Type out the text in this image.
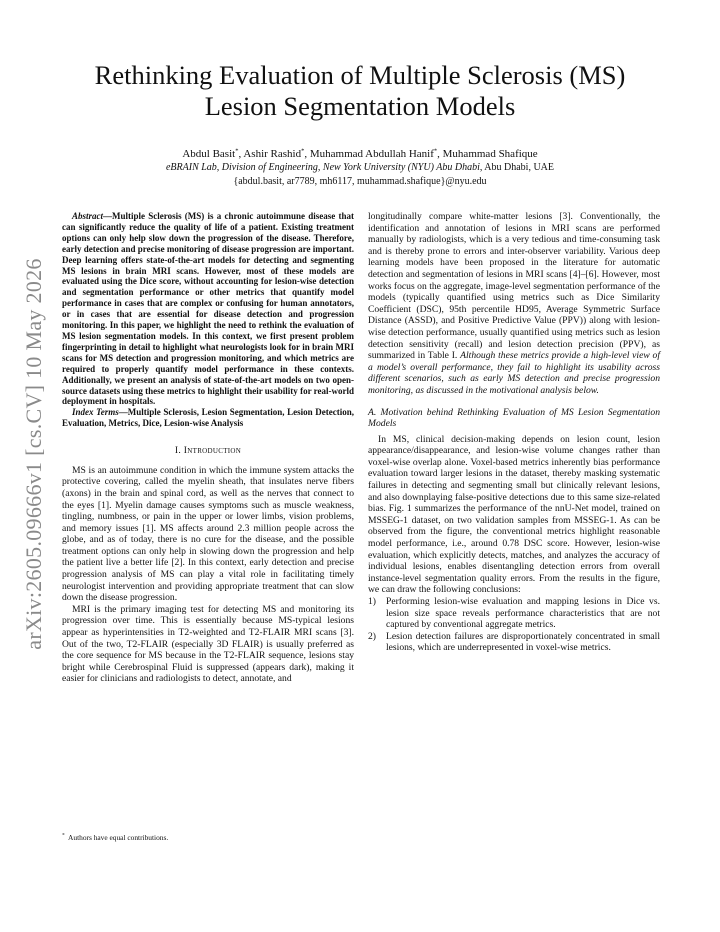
arXiv:2605.09666v1 [cs.CV] 10 May 2026
Rethinking Evaluation of Multiple Sclerosis (MS)
Lesion Segmentation Models
Abdul Basit*, Ashir Rashid*, Muhammad Abdullah Hanif*, Muhammad Shafique
eBRAIN Lab, Division of Engineering, New York University (NYU) Abu Dhabi, Abu Dhabi, UAE
{abdul.basit, ar7789, mh6117, muhammad.shafique}@nyu.edu

Abstract—Multiple Sclerosis (MS) is a chronic autoimmune disease that can significantly reduce the quality of life of a patient. Existing treatment options can only help slow down the progression of the disease. Therefore, early detection and precise monitoring of disease progression are important. Deep learning offers state-of-the-art models for detecting and segmenting MS lesions in brain MRI scans. However, most of these models are evaluated using the Dice score, without accounting for lesion-wise detection and segmentation performance or other metrics that quantify model performance in cases that are complex or confusing for human annotators, or in cases that are essential for disease detection and progression monitoring. In this paper, we highlight the need to rethink the evaluation of MS lesion segmentation models. In this context, we first present problem fingerprinting in detail to highlight what neurologists look for in brain MRI scans for MS detection and progression monitoring, and which metrics are required to properly quantify model performance in these contexts. Additionally, we present an analysis of state-of-the-art models on two open-source datasets using these metrics to highlight their usability for real-world deployment in hospitals.

Index Terms—Multiple Sclerosis, Lesion Segmentation, Lesion Detection, Evaluation, Metrics, Dice, Lesion-wise Analysis

I. Introduction

MS is an autoimmune condition in which the immune system attacks the protective covering, called the myelin sheath, that insulates nerve fibers (axons) in the brain and spinal cord, as well as the nerves that connect to the eyes [1]. Myelin damage causes symptoms such as muscle weakness, tingling, numbness, or pain in the upper or lower limbs, vision problems, and memory issues [1]. MS affects around 2.3 million people across the globe, and as of today, there is no cure for the disease, and the possible treatment options can only help in slowing down the progression and help the patient live a better life [2]. In this context, early detection and precise progression analysis of MS can play a vital role in facilitating timely neurologist intervention and providing appropriate treatment that can slow down the disease progression.

MRI is the primary imaging test for detecting MS and monitoring its progression over time. This is essentially because MS-typical lesions appear as hyperintensities in T2-weighted and T2-FLAIR MRI scans [3]. Out of the two, T2-FLAIR (especially 3D FLAIR) is usually preferred as the core sequence for MS because in the T2-FLAIR sequence, lesions stay bright while Cerebrospinal Fluid is suppressed (appears dark), making it easier for clinicians and radiologists to detect, annotate, and

longitudinally compare white-matter lesions [3]. Conventionally, the identification and annotation of lesions in MRI scans are performed manually by radiologists, which is a very tedious and time-consuming task and is thereby prone to errors and inter-observer variability. Various deep learning models have been proposed in the literature for automatic detection and segmentation of lesions in MRI scans [4]–[6]. However, most works focus on the aggregate, image-level segmentation performance of the models (typically quantified using metrics such as Dice Similarity Coefficient (DSC), 95th percentile HD95, Average Symmetric Surface Distance (ASSD), and Positive Predictive Value (PPV)) along with lesion-wise detection performance, usually quantified using metrics such as lesion detection sensitivity (recall) and lesion detection precision (PPV), as summarized in Table I. Although these metrics provide a high-level view of a model’s overall performance, they fail to highlight its usability across different scenarios, such as early MS detection and precise progression monitoring, as discussed in the motivational analysis below.

A. Motivation behind Rethinking Evaluation of MS Lesion Segmentation Models

In MS, clinical decision-making depends on lesion count, lesion appearance/disappearance, and lesion-wise volume changes rather than voxel-wise overlap alone. Voxel-based metrics inherently bias performance evaluation toward larger lesions in the dataset, thereby masking systematic failures in detecting and segmenting small but clinically relevant lesions, and also downplaying false-positive detections due to this same size-related bias. Fig. 1 summarizes the performance of the nnU-Net model, trained on MSSEG-1 dataset, on two validation samples from MSSEG-1. As can be observed from the figure, the conventional metrics highlight reasonable model performance, i.e., around 0.78 DSC score. However, lesion-wise evaluation, which explicitly detects, matches, and analyzes the accuracy of individual lesions, enables disentangling detection errors from overall instance-level segmentation quality errors. From the results in the figure, we can draw the following conclusions:

1) Performing lesion-wise evaluation and mapping lesions in Dice vs. lesion size space reveals performance characteristics that are not captured by conventional aggregate metrics.
2) Lesion detection failures are disproportionately concentrated in small lesions, which are underrepresented in voxel-wise metrics.
* Authors have equal contributions.
